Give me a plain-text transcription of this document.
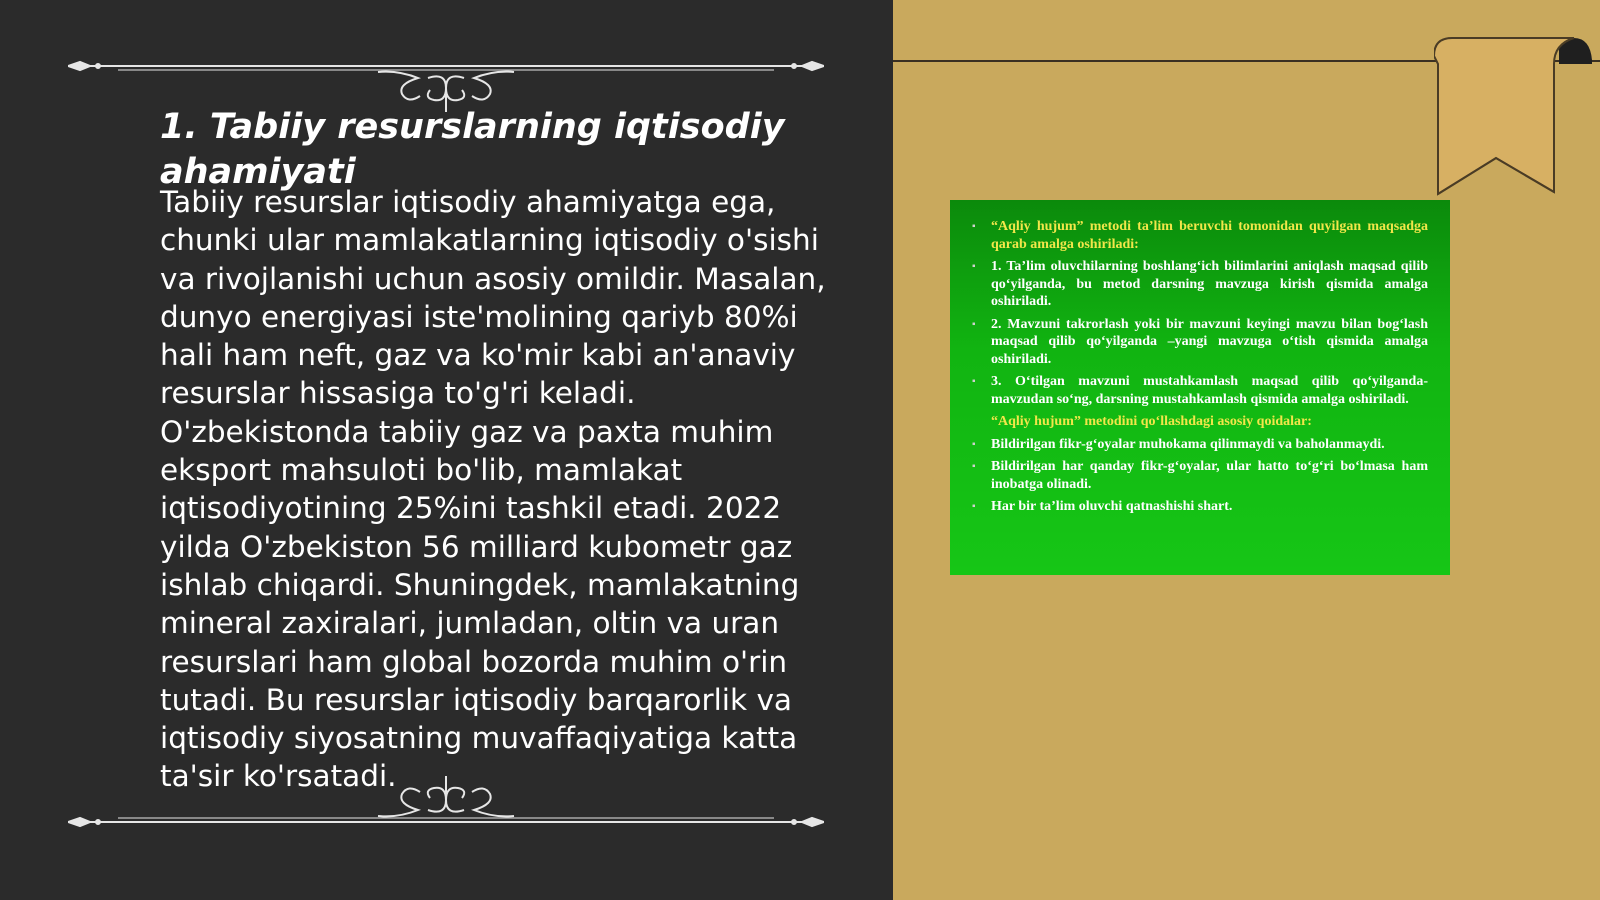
1. Tabiiy resurslarning iqtisodiy ahamiyati

Tabiiy resurslar iqtisodiy ahamiyatga ega, chunki ular mamlakatlarning iqtisodiy o'sishi va rivojlanishi uchun asosiy omildir. Masalan, dunyo energiyasi iste'molining qariyb 80%i hali ham neft, gaz va ko'mir kabi an'anaviy resurslar hissasiga to'g'ri keladi. O'zbekistonda tabiiy gaz va paxta muhim eksport mahsuloti bo'lib, mamlakat iqtisodiyotining 25%ini tashkil etadi. 2022 yilda O'zbekiston 56 milliard kubometr gaz ishlab chiqardi. Shuningdek, mamlakatning mineral zaxiralari, jumladan, oltin va uran resurslari ham global bozorda muhim o'rin tutadi. Bu resurslar iqtisodiy barqarorlik va iqtisodiy siyosatning muvaffaqiyatiga katta ta'sir ko'rsatadi.

▪ “Aqliy hujum” metodi ta’lim beruvchi tomonidan quyilgan maqsadga qarab amalga oshiriladi:
▪ 1. Ta’lim oluvchilarning boshlang‘ich bilimlarini aniqlash maqsad qilib qo‘yilganda, bu metod darsning mavzuga kirish qismida amalga oshiriladi.
▪ 2. Mavzuni takrorlash yoki bir mavzuni keyingi mavzu bilan bog‘lash maqsad qilib qo‘yilganda –yangi mavzuga o‘tish qismida amalga oshiriladi.
▪ 3. O‘tilgan mavzuni mustahkamlash maqsad qilib qo‘yilganda-mavzudan so‘ng, darsning mustahkamlash qismida amalga oshiriladi.
“Aqliy hujum” metodini qo‘llashdagi asosiy qoidalar:
▪ Bildirilgan fikr-g‘oyalar muhokama qilinmaydi va baholanmaydi.
▪ Bildirilgan har qanday fikr-g‘oyalar, ular hatto to‘g‘ri bo‘lmasa ham inobatga olinadi.
▪ Har bir ta’lim oluvchi qatnashishi shart.
